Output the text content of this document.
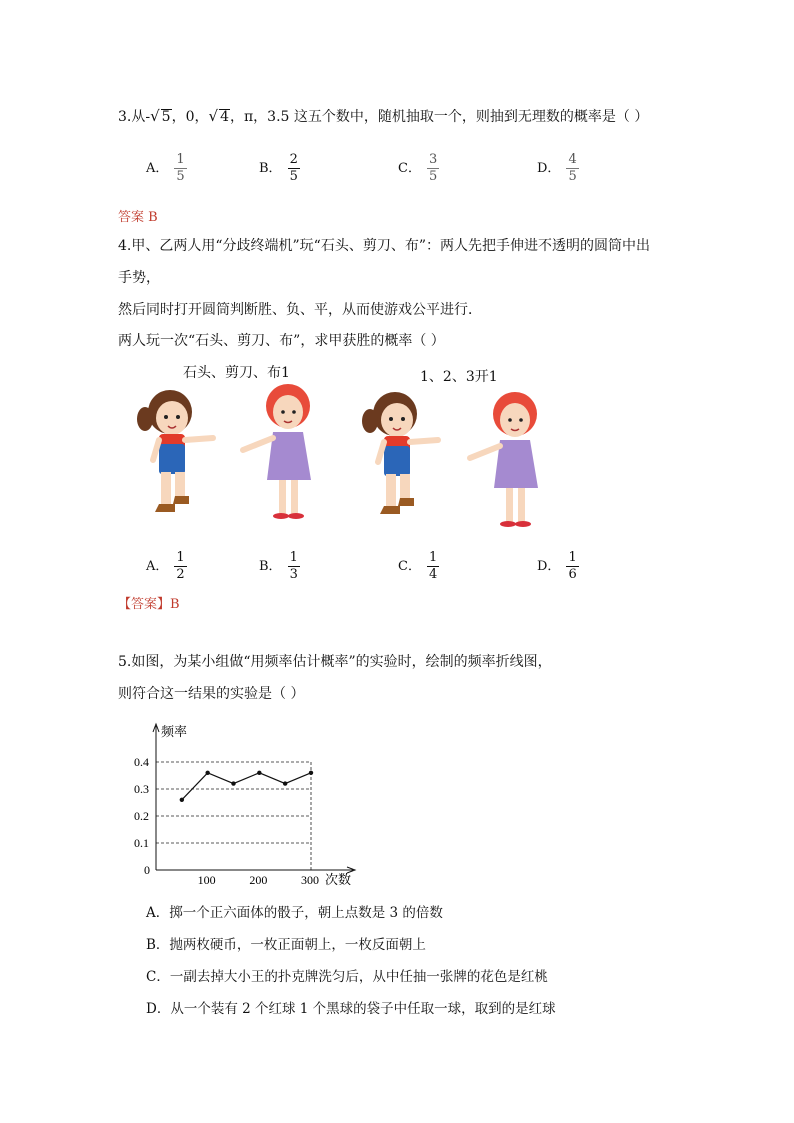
3.从-√ 5，0，√ 4，π，3.5 这五个数中，随机抽取一个，则抽到无理数的概率是（ ）
A． $\frac{1}{5}$	B． $\frac{2}{5}$	C． $\frac{3}{5}$	D． $\frac{4}{5}$
答案 B
4.甲、乙两人用“分歧终端机”玩“石头、剪刀、布”：两人先把手伸进不透明的圆筒中出
手势，
然后同时打开圆筒判断胜、负、平，从而使游戏公平进行．
两人玩一次“石头、剪刀、布”，求甲获胜的概率（ ）
石头、剪刀、布1	1、2、3开1
A． $\frac{1}{2}$	B． $\frac{1}{3}$	C． $\frac{1}{4}$	D． $\frac{1}{6}$
【答案】B
5.如图，为某小组做“用频率估计概率”的实验时，绘制的频率折线图，
则符合这一结果的实验是（ ）
0.1
0.2
0.3
0.4
0
100	200	300
频率
次数
A．掷一个正六面体的骰子，朝上点数是 3 的倍数
B．抛两枚硬币，一枚正面朝上，一枚反面朝上
C．一副去掉大小王的扑克牌洗匀后，从中任抽一张牌的花色是红桃
D．从一个装有 2 个红球 1 个黑球的袋子中任取一球，取到的是红球
